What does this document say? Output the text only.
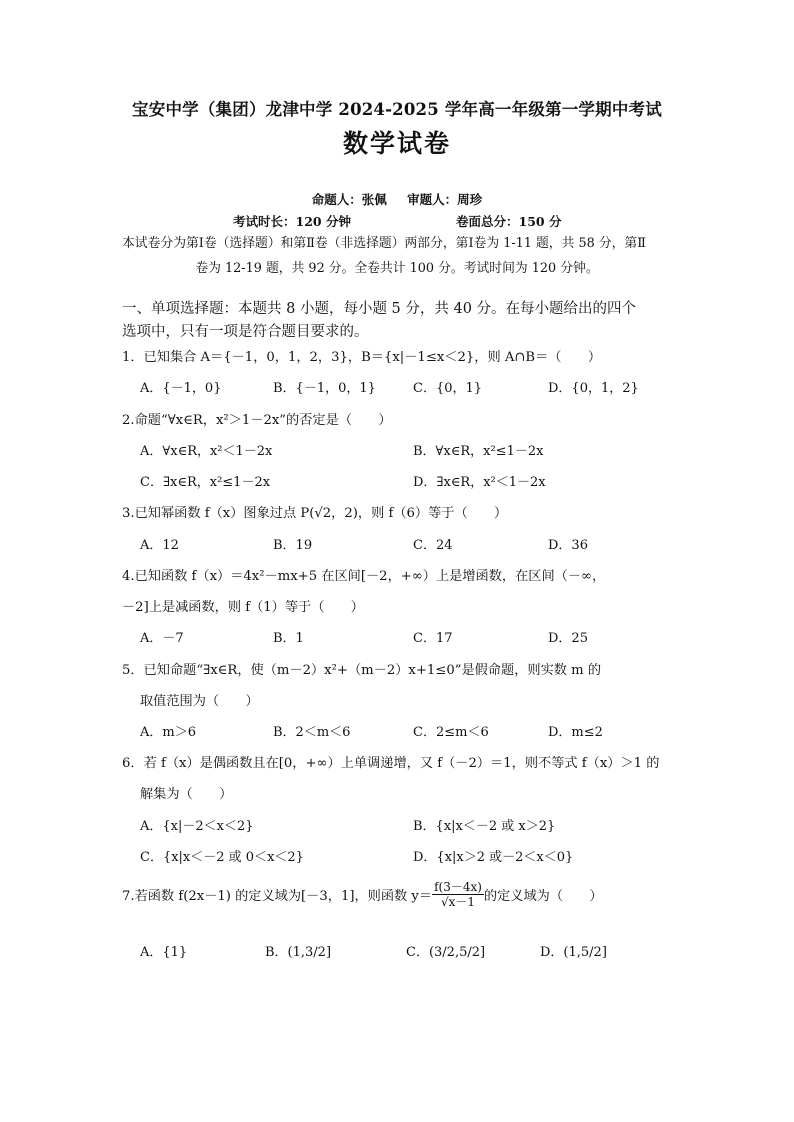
宝安中学（集团）龙津中学 2024-2025 学年高一年级第一学期中考试
数学试卷
命题人：张佩 审题人：周珍
考试时长：120 分钟	卷面总分：150 分
本试卷分为第Ⅰ卷（选择题）和第Ⅱ卷（非选择题）两部分，第Ⅰ卷为 1-11 题，共 58 分，第Ⅱ
卷为 12-19 题，共 92 分。全卷共计 100 分。考试时间为 120 分钟。
一、单项选择题：本题共 8 小题，每小题 5 分，共 40 分。在每小题给出的四个
选项中，只有一项是符合题目要求的。
1．已知集合 A＝{－1，0，1，2，3}，B＝{x|－1≤x＜2}，则 A∩B＝（　　）
A．{－1，0}	B．{－1，0，1}	C．{0，1}	D．{0，1，2}
2.命题“∀x∈R，x²＞1－2x”的否定是（　　）
A．∀x∈R，x²＜1－2x	B．∀x∈R，x²≤1－2x
C．∃x∈R，x²≤1－2x	D．∃x∈R，x²＜1－2x
3.已知幂函数 f（x）图象过点 P(√2，2)，则 f（6）等于（　　）
A．12	B．19	C．24	D．36
4.已知函数 f（x）＝4x²－mx+5 在区间[－2，+∞）上是增函数，在区间（－∞，
－2]上是减函数，则 f（1）等于（　　）
A．－7	B．1	C．17	D．25
5．已知命题“∃x∈R，使（m－2）x²+（m－2）x+1≤0”是假命题，则实数 m 的
取值范围为（　　）
A．m＞6	B．2＜m＜6	C．2≤m＜6	D．m≤2
6．若 f（x）是偶函数且在[0，+∞）上单调递增，又 f（－2）＝1，则不等式 f（x）＞1 的
解集为（　　）
A．{x|－2＜x＜2}	B．{x|x＜－2 或 x＞2}
C．{x|x＜－2 或 0＜x＜2}	D．{x|x＞2 或－2＜x＜0}
7.若函数 f(2x－1) 的定义域为[－3，1]，则函数 $y= \frac{f(3-4x)}{√x-1}$ 的定义域为（　　）
A．{1}	B．(1,3/2]	C．(3/2,5/2]	D．(1,5/2]
